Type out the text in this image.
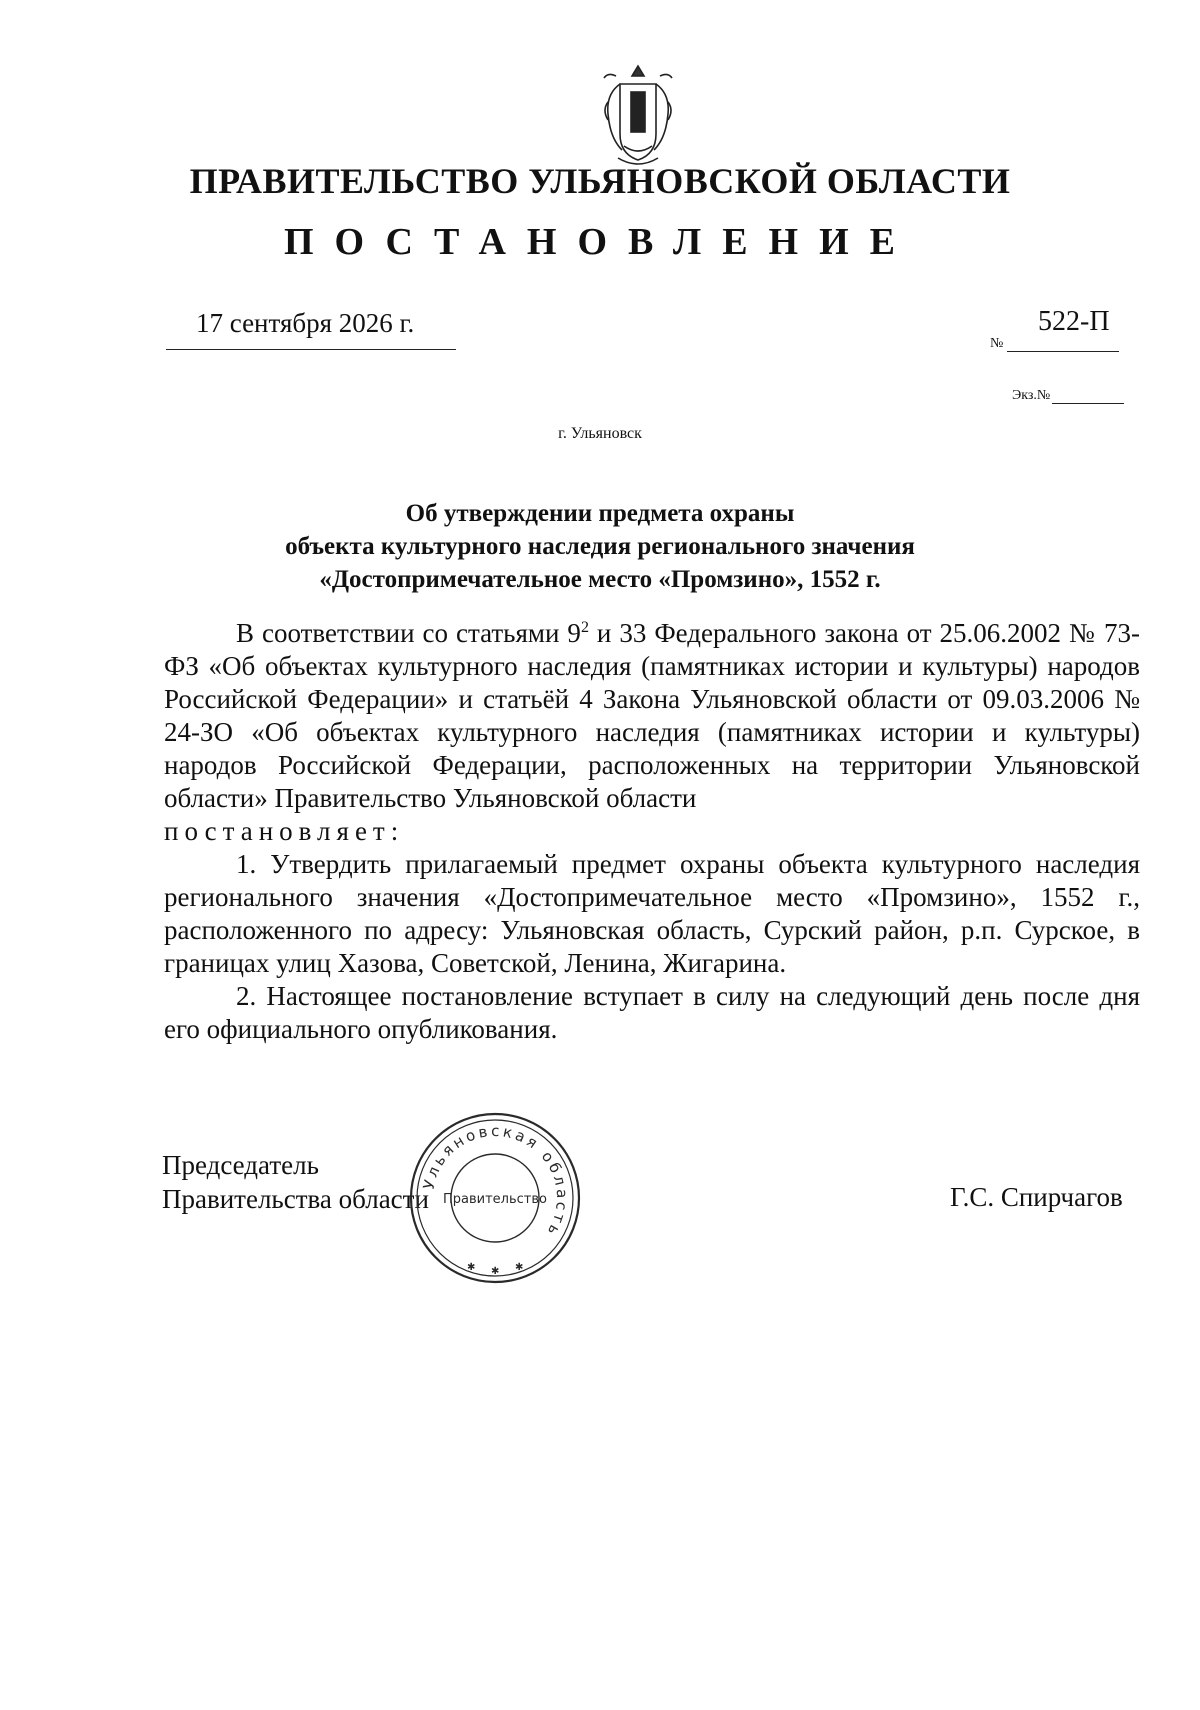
ПРАВИТЕЛЬСТВО УЛЬЯНОВСКОЙ ОБЛАСТИ
ПОСТАНОВЛЕНИЕ
17 сентября 2026 г.	522-П
№
Экз.№
г. Ульяновск
Об утверждении предмета охраны
объекта культурного наследия регионального значения
«Достопримечательное место «Промзино», 1552 г.

В соответствии со статьями $9^2$ и 33 Федерального закона от 25.06.2002 № 73-ФЗ «Об объектах культурного наследия (памятниках истории и культуры) народов Российской Федерации» и статьёй 4 Закона Ульяновской области от 09.03.2006 № 24-ЗО «Об объектах культурного наследия (памятниках истории и культуры) народов Российской Федерации, расположенных на территории Ульяновской области» Правительство Ульяновской области

постановляет:

1. Утвердить прилагаемый предмет охраны объекта культурного наследия регионального значения «Достопримечательное место «Промзино», 1552 г., расположенного по адресу: Ульяновская область, Сурский район, р.п. Сурское, в границах улиц Хазова, Советской, Ленина, Жигарина.

2. Настоящее постановление вступает в силу на следующий день после дня его официального опубликования.

Председатель
Правительства области	Г.С. Спирчагов
Ульяновская область
Правительство
✱ ✱ ✱
